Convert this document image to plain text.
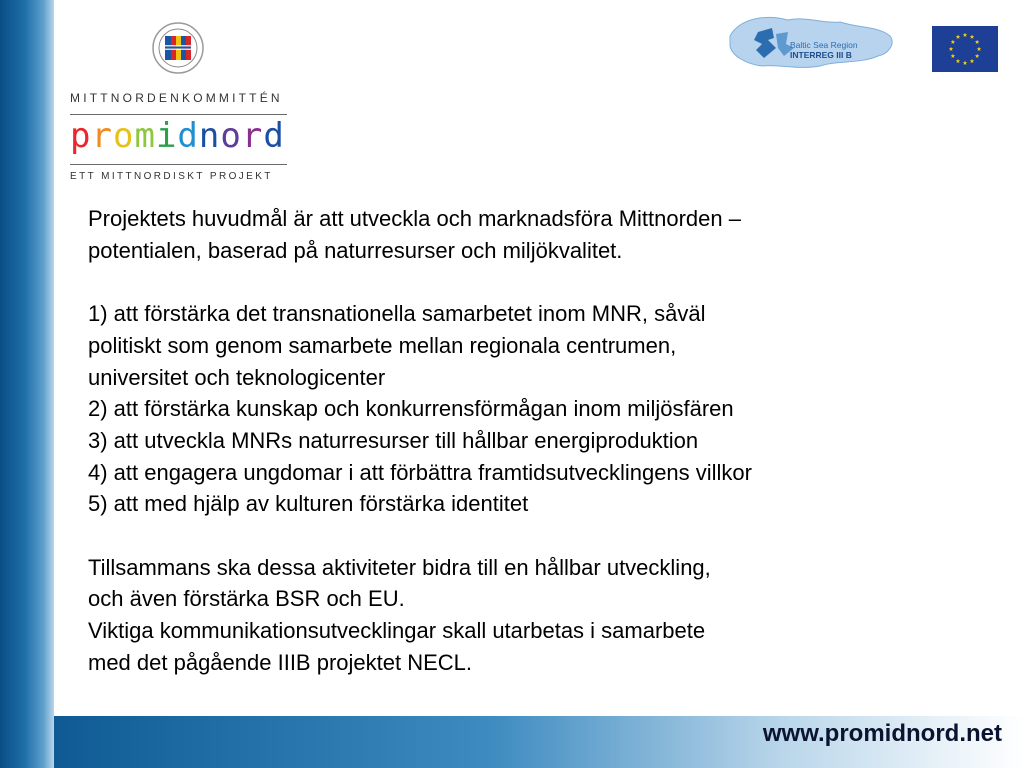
www.promidnord.net
MITTNORDENKOMMITTÉN
promidnord
ETT MITTNORDISKT PROJEKT
Baltic Sea Region
INTERREG III B

Projektets huvudmål är att utveckla och marknadsföra Mittnorden –

potentialen, baserad på naturresurser och miljökvalitet.

1) att förstärka det transnationella samarbetet inom MNR, såväl

politiskt som genom samarbete mellan regionala centrumen,

universitet och teknologicenter

2) att förstärka kunskap och konkurrensförmågan inom miljösfären

3) att utveckla MNRs naturresurser till hållbar energiproduktion

4) att engagera ungdomar i att förbättra framtidsutvecklingens villkor

5) att med hjälp av kulturen förstärka identitet

Tillsammans ska dessa aktiviteter bidra till en hållbar utveckling,

och även förstärka BSR och EU.

Viktiga kommunikationsutvecklingar skall utarbetas i samarbete

med det pågående IIIB projektet NECL.
